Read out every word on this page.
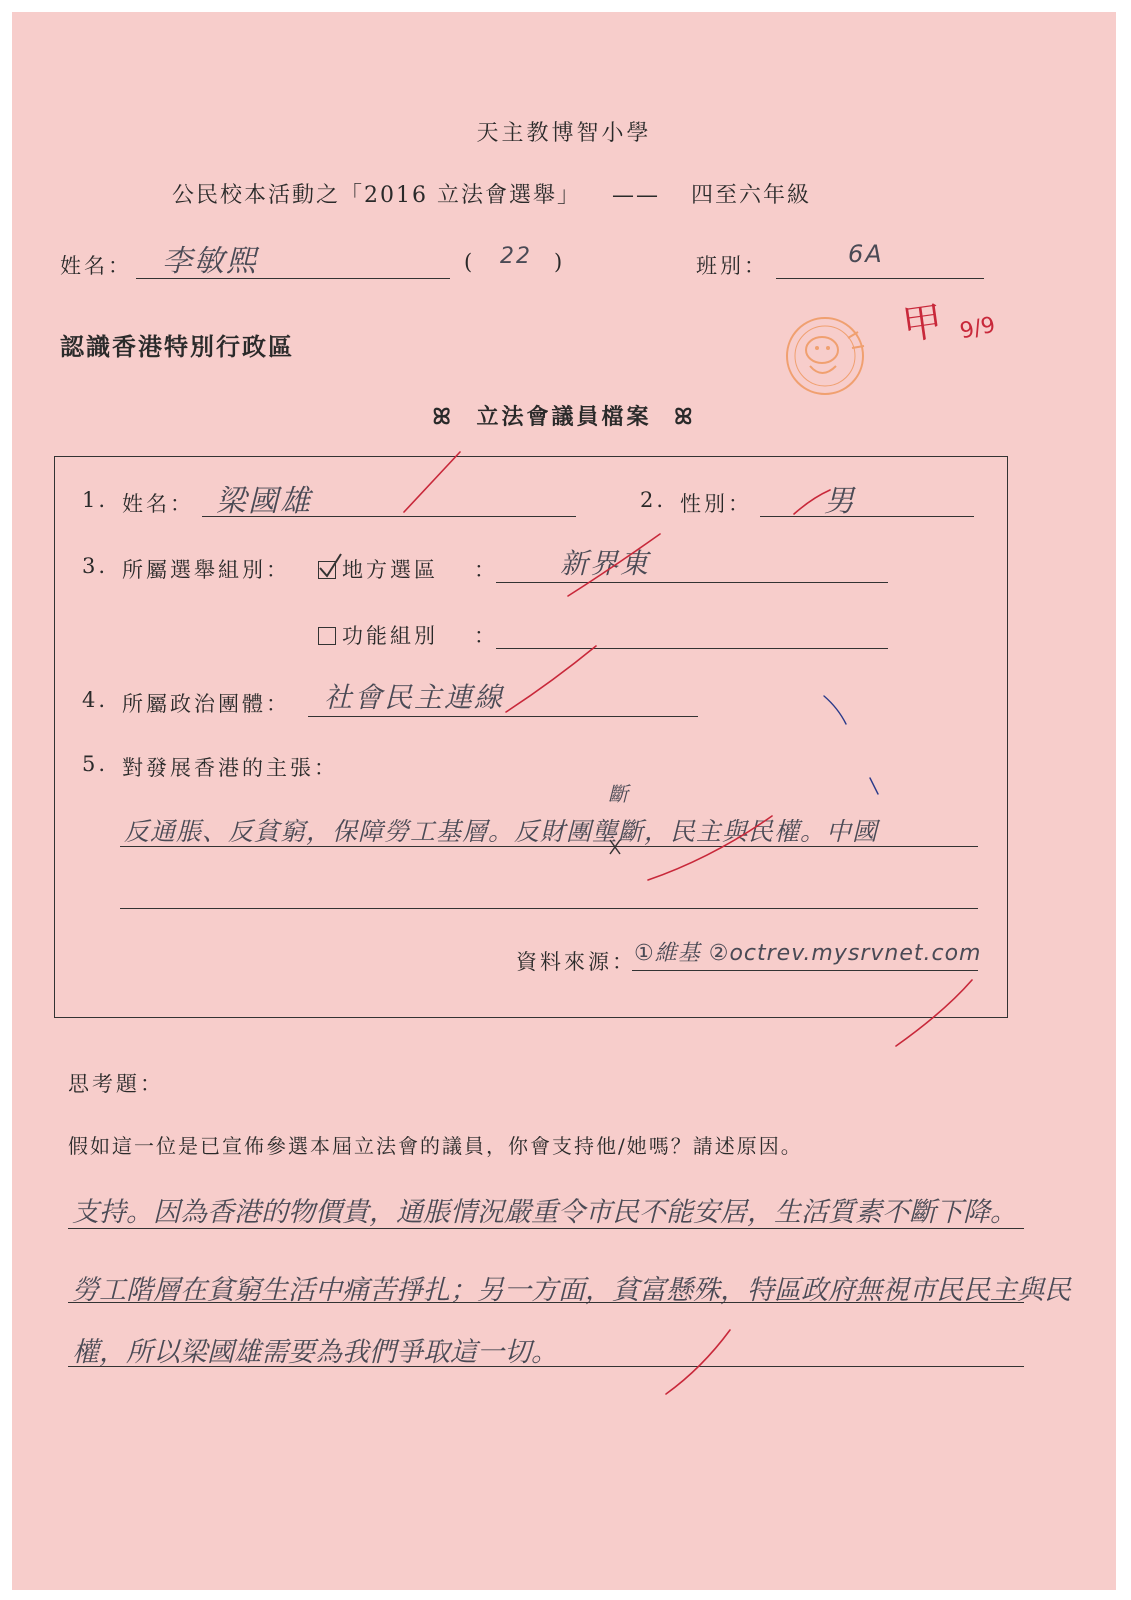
天主教博智小學
公民校本活動之「2016 立法會選舉」 —— 四至六年級
姓名： 李敏熙	( 22 )	班別：	6A
認識香港特別行政區	甲 9/9
ꕤ 立法會議員檔案 ꕤ
1. 姓名： 梁國雄	2. 性別： 男
3. 所屬選舉組別：	地方選區 ： 新界東
功能組別 ：
4. 所屬政治團體： 社會民主連線
5. 對發展香港的主張：
斷
反通脹、反貧窮，保障勞工基層。反財團壟斷，民主與民權。中國
資料來源：
①維基 ②octrev.mysrvnet.com
思考題：
假如這一位是已宣佈參選本屆立法會的議員，你會支持他/她嗎？請述原因。
支持。因為香港的物價貴，通脹情況嚴重令市民不能安居，生活質素不斷下降。
勞工階層在貧窮生活中痛苦掙扎；另一方面，貧富懸殊，特區政府無視市民民主與民
權，所以梁國雄需要為我們爭取這一切。
